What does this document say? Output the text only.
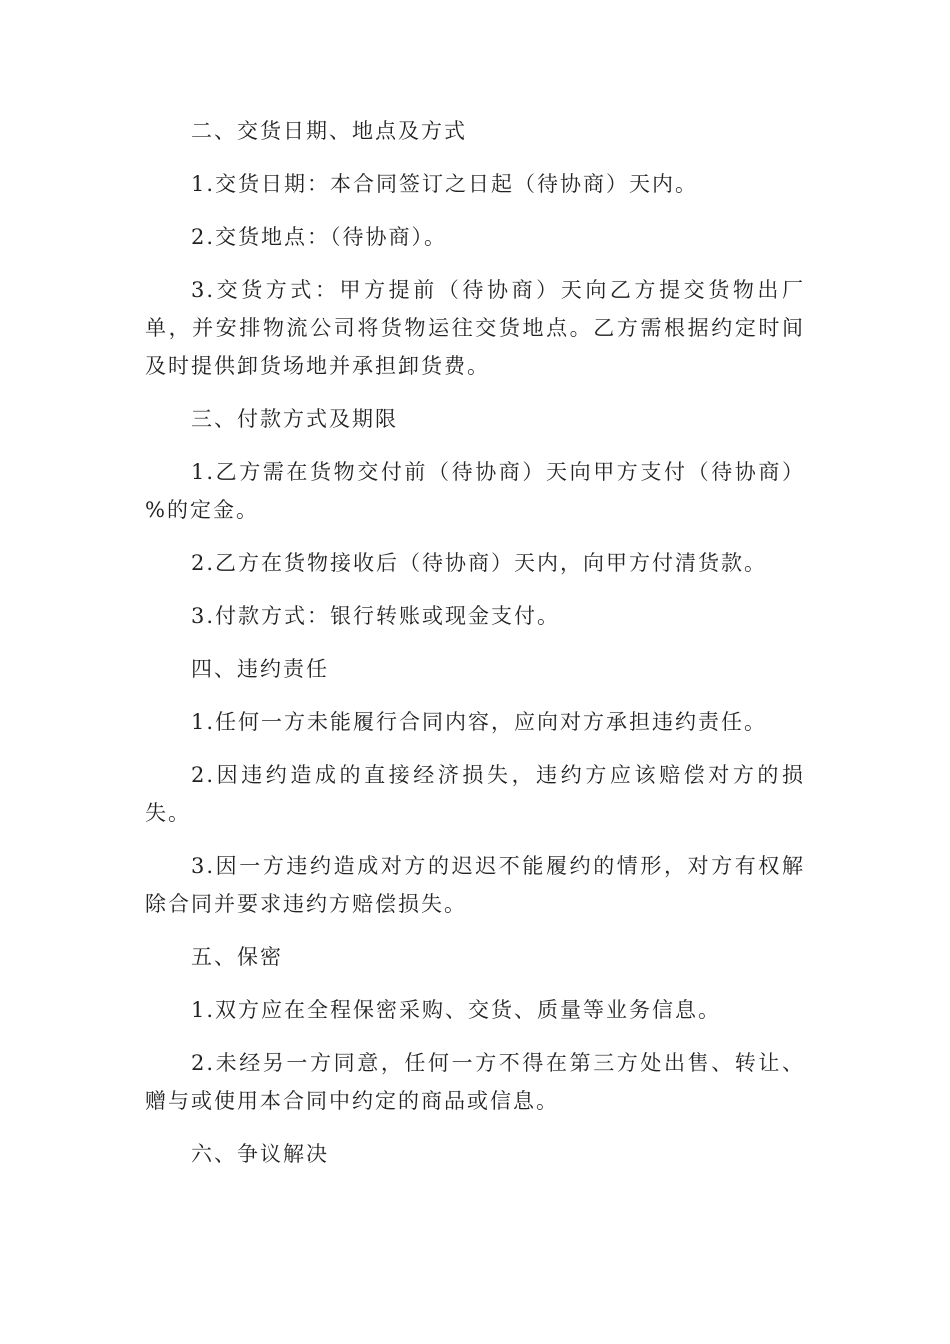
二、交货日期、地点及方式

1.交货日期：本合同签订之日起（待协商）天内。

2.交货地点：（待协商）。

3.交货方式：甲方提前（待协商）天向乙方提交货物出厂单，并安排物流公司将货物运往交货地点。乙方需根据约定时间及时提供卸货场地并承担卸货费。

三、付款方式及期限

1.乙方需在货物交付前（待协商）天向甲方支付（待协商）%的定金。

2.乙方在货物接收后（待协商）天内，向甲方付清货款。

3.付款方式：银行转账或现金支付。

四、违约责任

1.任何一方未能履行合同内容，应向对方承担违约责任。

2.因违约造成的直接经济损失，违约方应该赔偿对方的损失。

3.因一方违约造成对方的迟迟不能履约的情形，对方有权解除合同并要求违约方赔偿损失。

五、保密

1.双方应在全程保密采购、交货、质量等业务信息。

2.未经另一方同意，任何一方不得在第三方处出售、转让、赠与或使用本合同中约定的商品或信息。

六、争议解决
